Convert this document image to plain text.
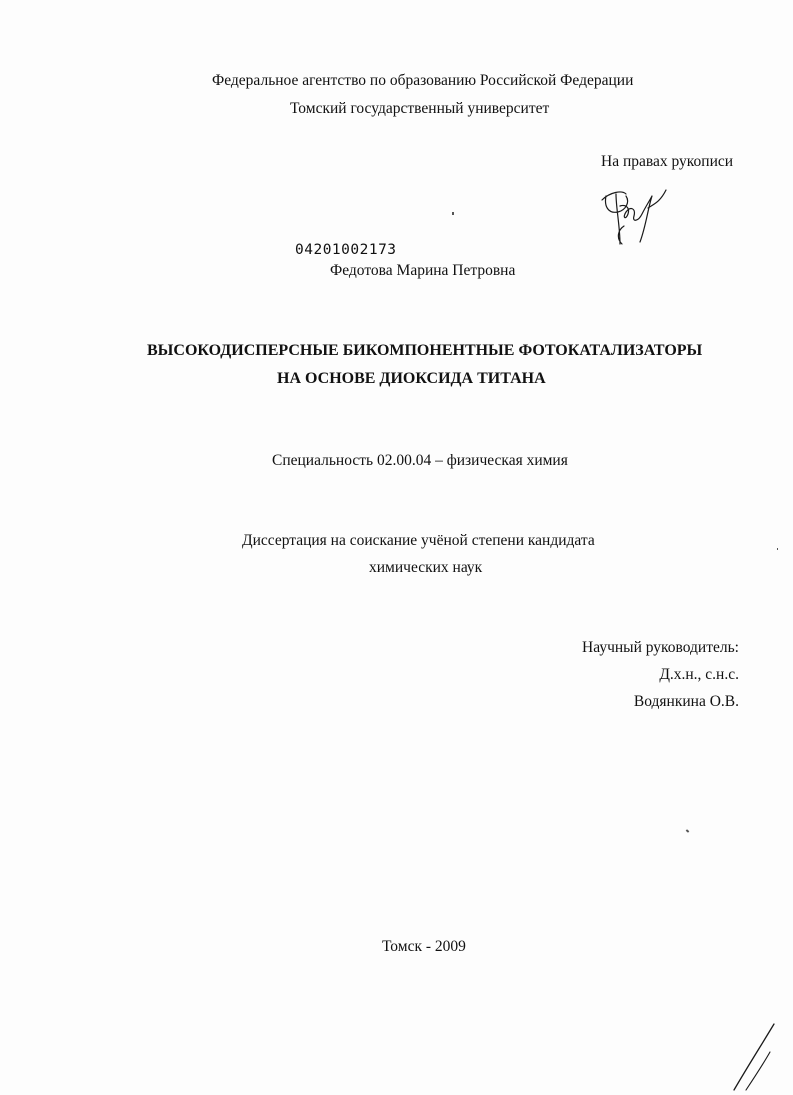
Федеральное агентство по образованию Российской Федерации
Томский государственный университет
На правах рукописи
04201002173
Федотова Марина Петровна
ВЫСОКОДИСПЕРСНЫЕ БИКОМПОНЕНТНЫЕ ФОТОКАТАЛИЗАТОРЫ
НА ОСНОВЕ ДИОКСИДА ТИТАНА
Специальность 02.00.04 – физическая химия
Диссертация на соискание учёной степени кандидата
химических наук
Научный руководитель:
Д.х.н., с.н.с.
Водянкина О.В.
Томск - 2009
